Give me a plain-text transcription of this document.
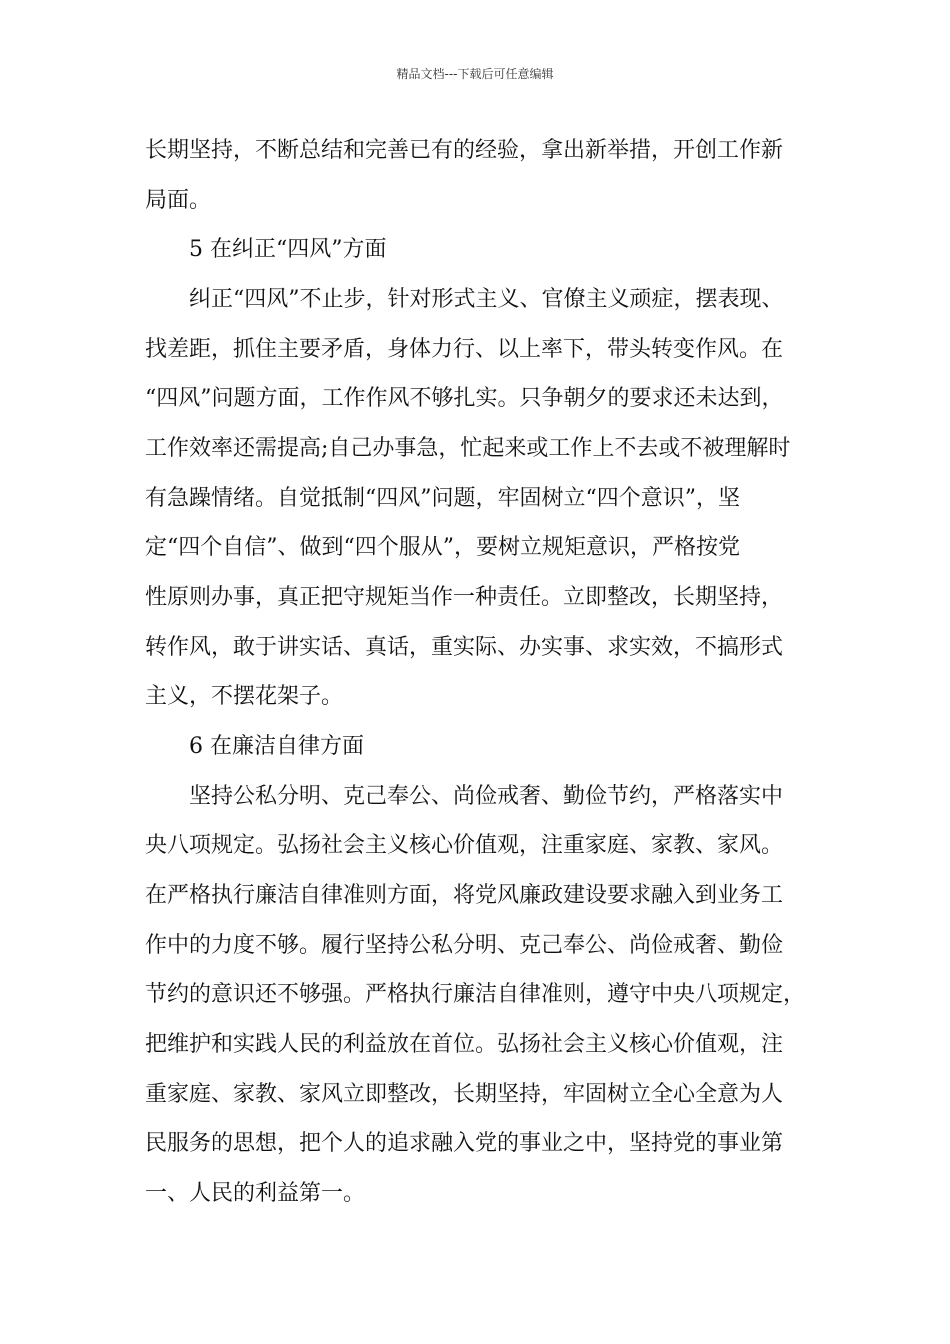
精品文档---下载后可任意编辑
长期坚持，不断总结和完善已有的经验，拿出新举措，开创工作新
局面。
5 在纠正“四风”方面
纠正“四风”不止步，针对形式主义、官僚主义顽症，摆表现、
找差距，抓住主要矛盾，身体力行、以上率下，带头转变作风。在
“四风”问题方面，工作作风不够扎实。只争朝夕的要求还未达到，
工作效率还需提高;自己办事急，忙起来或工作上不去或不被理解时
有急躁情绪。自觉抵制“四风”问题，牢固树立“四个意识”，坚
定“四个自信”、做到“四个服从”，要树立规矩意识，严格按党
性原则办事，真正把守规矩当作一种责任。立即整改，长期坚持，
转作风，敢于讲实话、真话，重实际、办实事、求实效，不搞形式
主义，不摆花架子。
6 在廉洁自律方面
坚持公私分明、克己奉公、尚俭戒奢、勤俭节约，严格落实中
央八项规定。弘扬社会主义核心价值观，注重家庭、家教、家风。
在严格执行廉洁自律准则方面，将党风廉政建设要求融入到业务工
作中的力度不够。履行坚持公私分明、克己奉公、尚俭戒奢、勤俭
节约的意识还不够强。严格执行廉洁自律准则，遵守中央八项规定，
把维护和实践人民的利益放在首位。弘扬社会主义核心价值观，注
重家庭、家教、家风立即整改，长期坚持，牢固树立全心全意为人
民服务的思想，把个人的追求融入党的事业之中，坚持党的事业第
一、人民的利益第一。
